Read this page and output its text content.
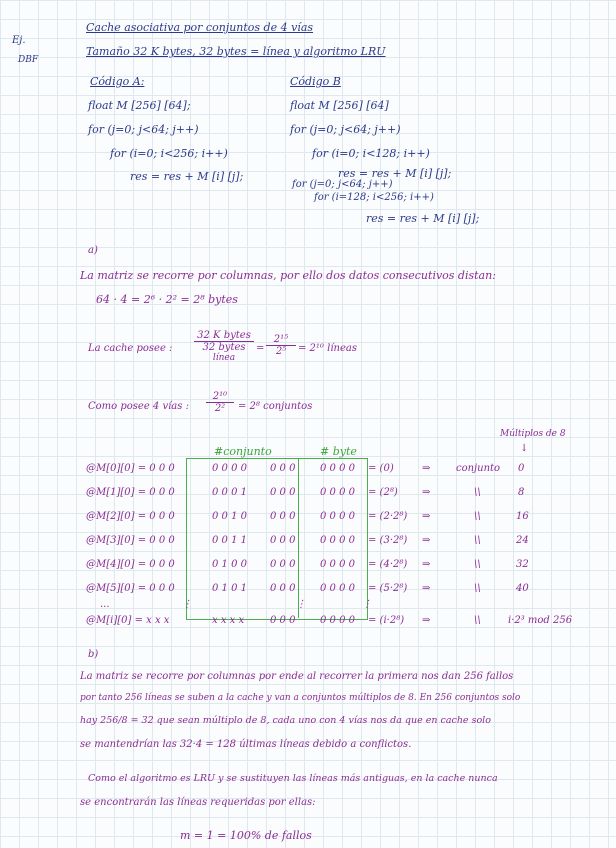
Ej.
DBF
Cache asociativa por conjuntos de 4 vías
Tamaño 32 K bytes, 32 bytes = línea y algoritmo LRU
Código A:
float M [256] [64];
for (j=0; j<64; j++)
for (i=0; i<256; i++)
res = res + M [i] [j];
Código B
float M [256] [64]
for (j=0; j<64; j++)
for (i=0; i<128; i++)
res = res + M [i] [j];
for (j=0; j<64; j++)
for (i=128; i<256; i++)
res = res + M [i] [j];
a)
La matriz se recorre por columnas, por ello dos datos consecutivos distan:
64 · 4 = 2⁶ · 2² = 2⁸ bytes
La cache posee :
32 K bytes
32 bytes
línea
= $\frac{\text{2¹⁵}}{\text{2⁵}} = 2^{10}$ líneas
Como posee 4 vías : $\frac{\text{2¹⁰}}{\text{2²}} = 2^8$ conjuntos
#conjunto	# byte
Múltiplos de 8
↓
@M[0][0] = 0 0 0	0 0 0 0 0 0 0 0 0 0 0 = (0)	⇒	conjunto 0
@M[1][0] = 0 0 0	0 0 0 1 0 0 0 0 0 0 0 = (2⁸) ⇒	\\	8
@M[2][0] = 0 0 0	0 0 1 0 0 0 0 0 0 0 0 = (2·2⁸) ⇒	\\	16
@M[3][0] = 0 0 0	0 0 1 1 0 0 0 0 0 0 0 = (3·2⁸) ⇒	\\	24
@M[4][0] = 0 0 0	0 1 0 0 0 0 0 0 0 0 0 = (4·2⁸) ⇒	\\	32
@M[5][0] = 0 0 0	0 1 0 1 0 0 0 0 0 0 0 = (5·2⁸) ⇒	\\	40
...	⋮	⋮	⋮
@M[i][0] = x x x	x x x x	0 0 0 0 0 0 0 = (i·2⁸) ⇒	\\	i·2³ mod 256
b)
La matriz se recorre por columnas por ende al recorrer la primera nos dan 256 fallos
por tanto 256 líneas se suben a la cache y van a conjuntos múltiplos de 8. En 256 conjuntos solo
hay 256/8 = 32 que sean múltiplo de 8, cada uno con 4 vías nos da que en cache solo
se mantendrían las 32·4 = 128 últimas líneas debido a conflictos.
Como el algoritmo es LRU y se sustituyen las líneas más antiguas, en la cache nunca
se encontrarán las líneas requeridas por ellas:
m = 1 = 100% de fallos
